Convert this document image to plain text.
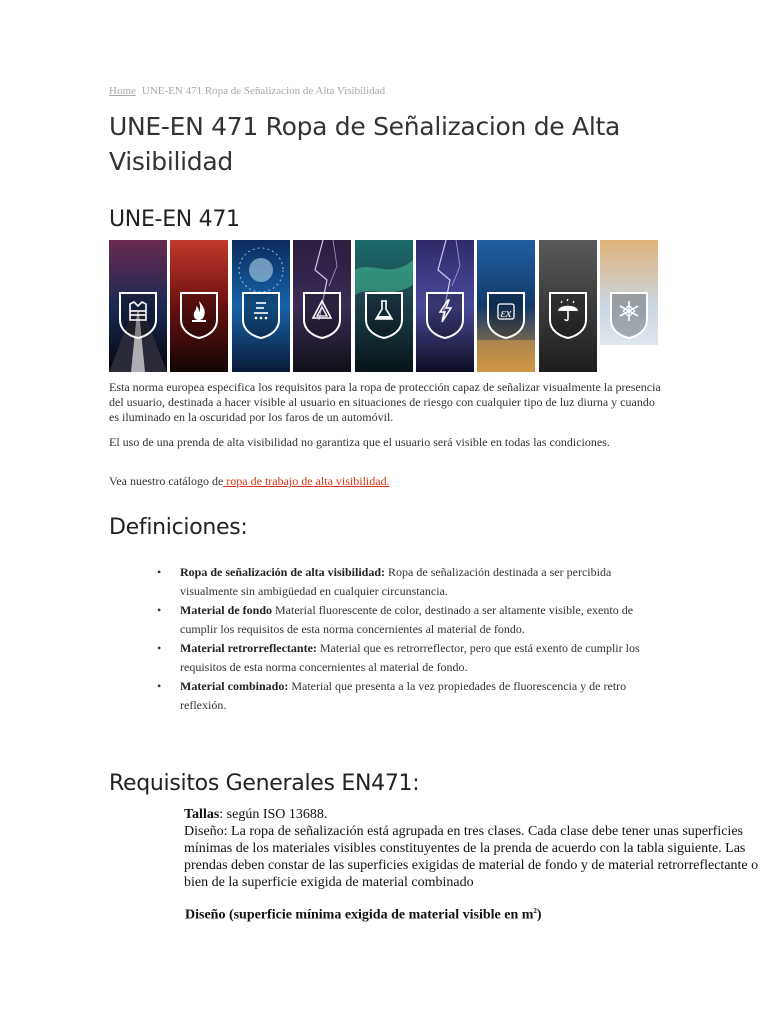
Home UNE-EN 471 Ropa de Señalizacion de Alta Visibilidad
UNE-EN 471 Ropa de Señalizacion de Alta Visibilidad
UNE-EN 471
ɛx

Esta norma europea especifica los requisitos para la ropa de protección capaz de señalizar visualmente la presencia del usuario, destinada a hacer visible al usuario en situaciones de riesgo con cualquier tipo de luz diurna y cuando es iluminado en la oscuridad por los faros de un automóvil.

El uso de una prenda de alta visibilidad no garantiza que el usuario será visible en todas las condiciones.

Vea nuestro catálogo de ropa de trabajo de alta visibilidad.

Definiciones:
• Ropa de señalización de alta visibilidad: Ropa de señalización destinada a ser percibida visualmente sin ambigüedad en cualquier circunstancia.
• Material de fondo Material fluorescente de color, destinado a ser altamente visible, exento de cumplir los requisitos de esta norma concernientes al material de fondo.
• Material retrorreflectante: Material que es retrorreflector, pero que está exento de cumplir los requisitos de esta norma concernientes al material de fondo.
• Material combinado: Material que presenta a la vez propiedades de fluorescencia y de retro reflexión.
Requisitos Generales EN471:
Tallas: según ISO 13688.
Diseño: La ropa de señalización está agrupada en tres clases. Cada clase debe tener unas superficies mínimas de los materiales visibles constituyentes de la prenda de acuerdo con la tabla siguiente. Las prendas deben constar de las superficies exigidas de material de fondo y de material retrorreflectante o bien de la superficie exigida de material combinado
Diseño (superficie mínima exigida de material visible en $m^2$)
